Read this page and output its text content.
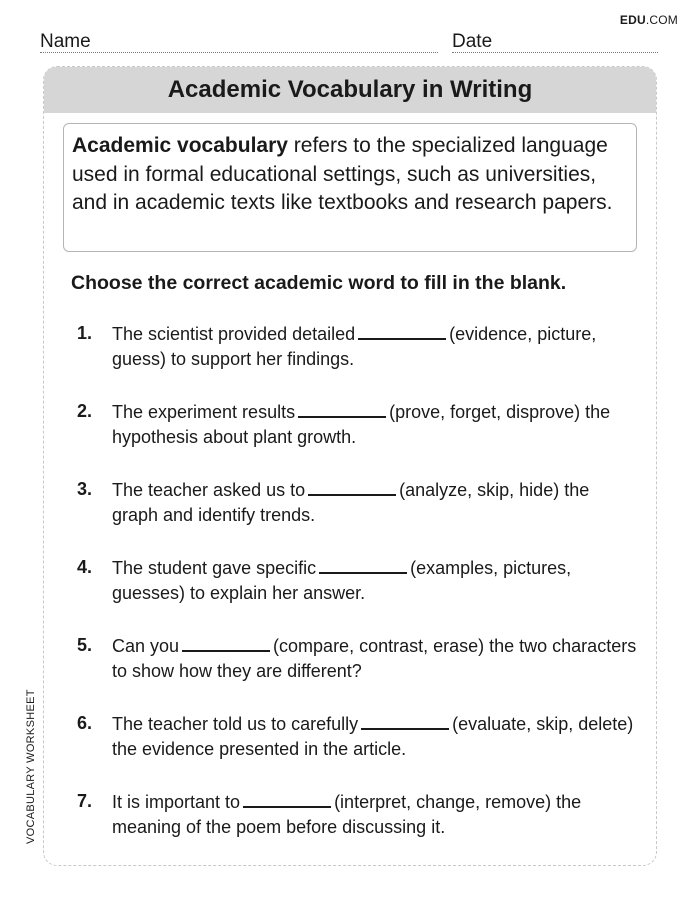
EDU.COM
Name	Date
VOCABULARY WORKSHEET
Academic Vocabulary in Writing
Academic vocabulary refers to the specialized language used in formal educational settings, such as universities, and in academic texts like textbooks and research papers.
Choose the correct academic word to fill in the blank.
1. The scientist provided detailed	(evidence, picture, guess) to support her findings.
2. The experiment results	(prove, forget, disprove) the hypothesis about plant growth.
3. The teacher asked us to	(analyze, skip, hide) the graph and identify trends.
4. The student gave specific	(examples, pictures, guesses) to explain her answer.
5. Can you	(compare, contrast, erase) the two characters to show how they are different?
6. The teacher told us to carefully	(evaluate, skip, delete) the evidence presented in the article.
7. It is important to	(interpret, change, remove) the meaning of the poem before discussing it.
